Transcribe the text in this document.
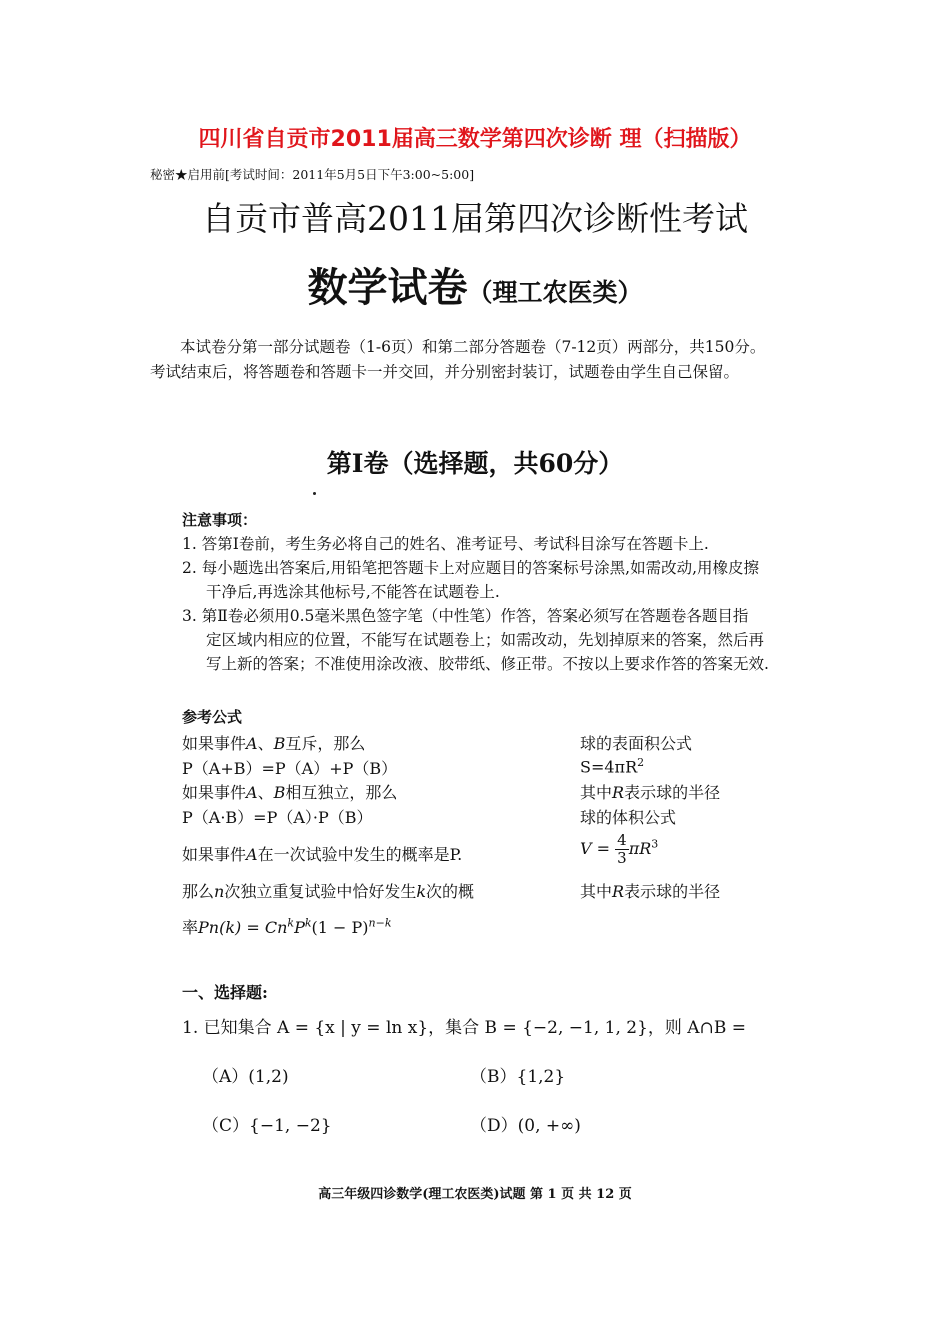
四川省自贡市2011届高三数学第四次诊断 理（扫描版）
秘密★启用前[考试时间：2011年5月5日下午3:00~5:00]
自贡市普高2011届第四次诊断性考试
数学试卷（理工农医类）
本试卷分第一部分试题卷（1-6页）和第二部分答题卷（7-12页）两部分，共150分。
考试结束后，将答题卷和答题卡一并交回，并分别密封装订，试题卷由学生自己保留。
第Ⅰ卷（选择题，共60分）
注意事项：
1. 答第Ⅰ卷前，考生务必将自己的姓名、准考证号、考试科目涂写在答题卡上.
2. 每小题选出答案后,用铅笔把答题卡上对应题目的答案标号涂黑,如需改动,用橡皮擦
干净后,再选涂其他标号,不能答在试题卷上.
3. 第Ⅱ卷必须用0.5毫米黑色签字笔（中性笔）作答，答案必须写在答题卷各题目指
定区域内相应的位置，不能写在试题卷上；如需改动，先划掉原来的答案，然后再
写上新的答案；不准使用涂改液、胶带纸、修正带。不按以上要求作答的答案无效.
参考公式
如果事件A、B互斥，那么
P（A+B）=P（A）+P（B）
如果事件A、B相互独立，那么
P（A·B）=P（A）·P（B）
如果事件A在一次试验中发生的概率是P.
那么n次独立重复试验中恰好发生k次的概
率$Pn(k) = Cn^kP^k(1 - P)^{n-k}$
球的表面积公式
$S=4\pi R^2$
其中R表示球的半径
球的体积公式
$V = \frac{4}{3} \pi R^3$
其中R表示球的半径
一、选择题:
1. 已知集合 A = {x | y = ln x}，集合 B = {−2, −1, 1, 2}，则 A∩B =
（A）(1,2)	（B）{1,2}
（C）{−1, −2}	（D）(0, +∞)
高三年级四诊数学(理工农医类)试题 第 1 页 共 12 页
